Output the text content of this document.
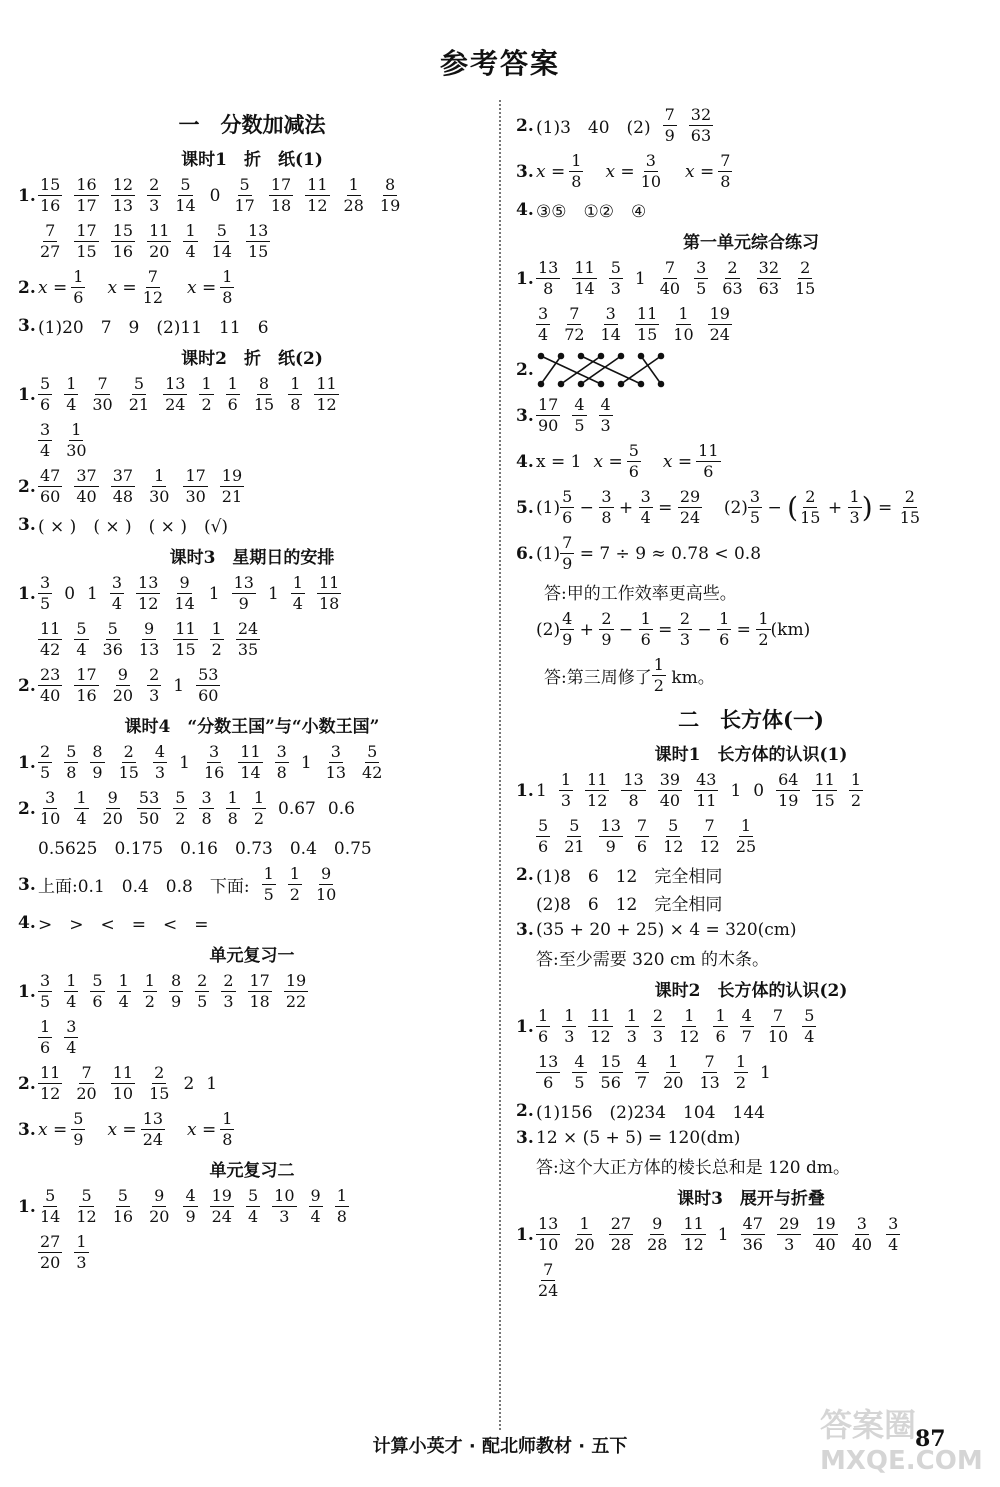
参考答案
一　分数加减法
课时1　折　纸(1)
1. $\frac{15}{16} \frac{16}{17} \frac{12}{13} \frac{2}{3} \frac{5}{14} 0 \frac{5}{17} \frac{17}{18} \frac{11}{12} \frac{1}{28} \frac{8}{19}$
$\frac{7}{27} \frac{17}{15} \frac{15}{16} \frac{11}{20} \frac{1}{4} \frac{5}{14} \frac{13}{15}$
2. $x = \frac{1}{6}$ $x = \frac{7}{12}$ $x = \frac{1}{8}$
3. (1)20　7　9　(2)11　11　6
课时2　折　纸(2)
1. $\frac{5}{6} \frac{1}{4} \frac{7}{30} \frac{5}{21} \frac{13}{24} \frac{1}{2} \frac{1}{6} \frac{8}{15} \frac{1}{8} \frac{11}{12}$
$\frac{3}{4} \frac{1}{30}$
2. $\frac{47}{60} \frac{37}{40} \frac{37}{48} \frac{1}{30} \frac{17}{30} \frac{19}{21}$
3. ( × )　( × )　( × )　(√)
课时3　星期日的安排
1. $\frac{3}{5} 0$ $1 \frac{3}{4} \frac{13}{12} \frac{9}{14} 1 \frac{13}{9} 1 \frac{1}{4} \frac{11}{18}$
$\frac{11}{42} \frac{5}{4} \frac{5}{36} \frac{9}{13} \frac{11}{15} \frac{1}{2} \frac{24}{35}$
2. $\frac{23}{40} \frac{17}{16} \frac{9}{20} \frac{2}{3} 1 \frac{53}{60}$
课时4　“分数王国”与“小数王国”
1. $\frac{2}{5} \frac{5}{8} \frac{8}{9} \frac{2}{15} \frac{4}{3} 1 \frac{3}{16} \frac{11}{14} \frac{3}{8} 1 \frac{3}{13} \frac{5}{42}$
2. $\frac{3}{10} \frac{1}{4} \frac{9}{20} \frac{53}{50} \frac{5}{2} \frac{3}{8} \frac{1}{8} \frac{1}{2} 0.67$ 0.6
0.5625　0.175　0.16　0.73　0.4　0.75
3. 上面:0.1　0.4　0.8　下面: $\frac{1}{5} \frac{1}{2} \frac{9}{10}$
4. >　>　<　=　<　=
单元复习一
1. $\frac{3}{5} \frac{1}{4} \frac{5}{6} \frac{1}{4} \frac{1}{2} \frac{8}{9} \frac{2}{5} \frac{2}{3} \frac{17}{18} \frac{19}{22}$
$\frac{1}{6} \frac{3}{4}$
2. $\frac{11}{12} \frac{7}{20} \frac{11}{10} \frac{2}{15} 2$ 1
3. $x = \frac{5}{9}$ $x = \frac{13}{24}$ $x = \frac{1}{8}$
单元复习二
1. $\frac{5}{14} \frac{5}{12} \frac{5}{16} \frac{9}{20} \frac{4}{9} \frac{19}{24} \frac{5}{4} \frac{10}{3} \frac{9}{4} \frac{1}{8}$
$\frac{27}{20} \frac{1}{3}$
2. (1)3　40　$(2) \frac{7}{9} \frac{32}{63}$
3. $x = \frac{1}{8}$ $x = \frac{3}{10}$ $x = \frac{7}{8}$
4. ③⑤　①②　④
第一单元综合练习
1. $\frac{13}{8} \frac{11}{14} \frac{5}{3} 1 \frac{7}{40} \frac{3}{5} \frac{2}{63} \frac{32}{63} \frac{2}{15}$
$\frac{3}{4} \frac{7}{72} \frac{3}{14} \frac{11}{15} \frac{1}{10} \frac{19}{24}$
2.
3. $\frac{17}{90} \frac{4}{5} \frac{4}{3}$
4. x = 1 $x = \frac{5}{6}$ $x = \frac{11}{6}$
5. $(1) \frac{5}{6} - \frac{3}{8} + \frac{3}{4} = \frac{29}{24}$
$(2) \frac{3}{5}$ − ( $\frac{2}{15} + \frac{1}{3}$ ) = $\frac{2}{15}$
6. $(1) \frac{7}{9}$
= 7 ÷ 9 ≈ 0.78 < 0.8
答:甲的工作效率更高些。
$(2) \frac{4}{9} + \frac{2}{9} - \frac{1}{6} = \frac{2}{3} - \frac{1}{6} = \frac{1}{2} (km)$
答:第三周修了 $\frac{1}{2}$
km。
二　长方体(一)
课时1　长方体的认识(1)
1. $1 \frac{1}{3} \frac{11}{12} \frac{13}{8} \frac{39}{40} \frac{43}{11} 1$ $0 \frac{64}{19} \frac{11}{15} \frac{1}{2}$
$\frac{5}{6} \frac{5}{21} \frac{13}{9} \frac{7}{6} \frac{5}{12} \frac{7}{12} \frac{1}{25}$
2. (1)8　6　12　完全相同
(2)8　6　12　完全相同
3. (35 + 20 + 25) × 4 = 320(cm)
答:至少需要 320 cm 的木条。
课时2　长方体的认识(2)
1. $\frac{1}{6} \frac{1}{3} \frac{11}{12} \frac{1}{3} \frac{2}{3} \frac{1}{12} \frac{1}{6} \frac{4}{7} \frac{7}{10} \frac{5}{4}$
$\frac{13}{6} \frac{4}{5} \frac{15}{56} \frac{4}{7} \frac{1}{20} \frac{7}{13} \frac{1}{2} 1$
2. (1)156　(2)234　104　144
3. 12 × (5 + 5) = 120(dm)
答:这个大正方体的棱长总和是 120 dm。
课时3　展开与折叠
1. $\frac{13}{10} \frac{1}{20} \frac{27}{28} \frac{9}{28} \frac{11}{12} 1 \frac{47}{36} \frac{29}{3} \frac{19}{40} \frac{3}{40} \frac{3}{4}$
$\frac{7}{24}$
计算小英才 · 配北师教材 · 五下	87
答案圈
MXQE.COM
